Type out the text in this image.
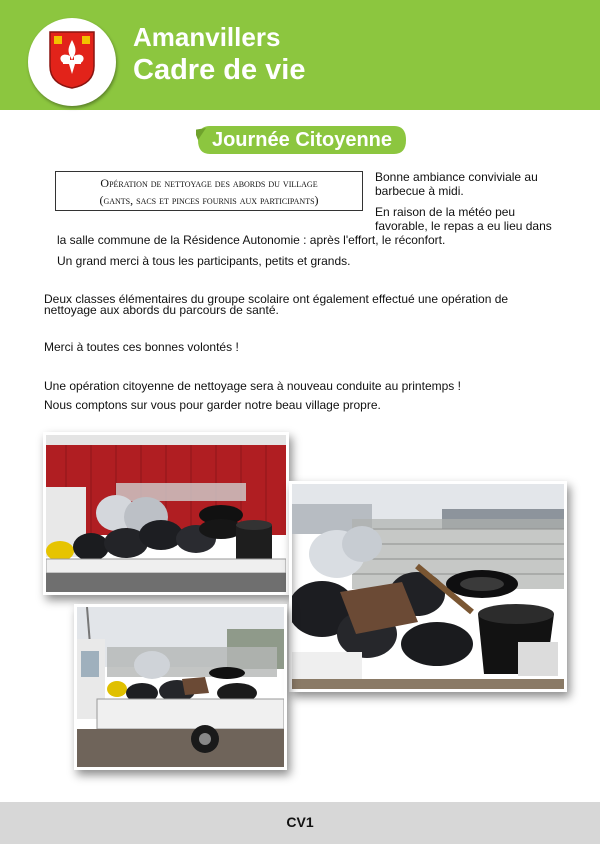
Amanvillers
Cadre de vie
Journée Citoyenne
Opération de nettoyage des abords du village
(gants, sacs et pinces fournis aux participants)
Bonne ambiance conviviale au
barbecue à midi.
En raison de la météo peu
favorable, le repas a eu lieu dans
la salle commune de la Résidence Autonomie : après l'effort, le réconfort.
Un grand merci à tous les participants, petits et grands.
Deux classes élémentaires du groupe scolaire ont également effectué une opération de
nettoyage aux abords du parcours de santé.
Merci à toutes ces bonnes volontés !
Une opération citoyenne de nettoyage sera à nouveau conduite au printemps !
Nous comptons sur vous pour garder notre beau village propre.
CV1
